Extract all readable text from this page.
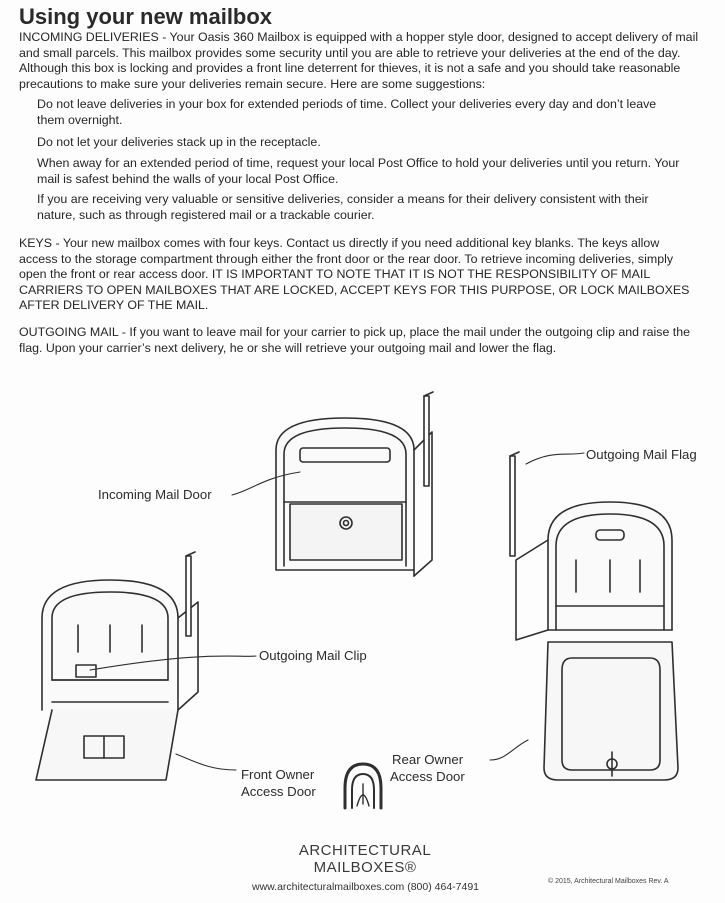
Using your new mailbox

INCOMING DELIVERIES - Your Oasis 360 Mailbox is equipped with a hopper style door, designed to accept delivery of mail and small parcels. This mailbox provides some security until you are able to retrieve your deliveries at the end of the day. Although this box is locking and provides a front line deterrent for thieves, it is not a safe and you should take reasonable precautions to make sure your deliveries remain secure. Here are some suggestions:

Do not leave deliveries in your box for extended periods of time. Collect your deliveries every day and don’t leave them overnight.

Do not let your deliveries stack up in the receptacle.

When away for an extended period of time, request your local Post Office to hold your deliveries until you return. Your mail is safest behind the walls of your local Post Office.

If you are receiving very valuable or sensitive deliveries, consider a means for their delivery consistent with their nature, such as through registered mail or a trackable courier.

KEYS - Your new mailbox comes with four keys. Contact us directly if you need additional key blanks. The keys allow access to the storage compartment through either the front door or the rear door. To retrieve incoming deliveries, simply open the front or rear access door. IT IS IMPORTANT TO NOTE THAT IT IS NOT THE RESPONSIBILITY OF MAIL CARRIERS TO OPEN MAILBOXES THAT ARE LOCKED, ACCEPT KEYS FOR THIS PURPOSE, OR LOCK MAILBOXES AFTER DELIVERY OF THE MAIL.

OUTGOING MAIL - If you want to leave mail for your carrier to pick up, place the mail under the outgoing clip and raise the flag. Upon your carrier’s next delivery, he or she will retrieve your outgoing mail and lower the flag.

Outgoing Mail Flag
Incoming Mail Door
Outgoing Mail Clip
Rear Owner
Access Door
Front Owner
Access Door
ARCHITECTURAL
MAILBOXES®
www.architecturalmailboxes.com (800) 464-7491	© 2015, Architectural Mailboxes Rev. A
